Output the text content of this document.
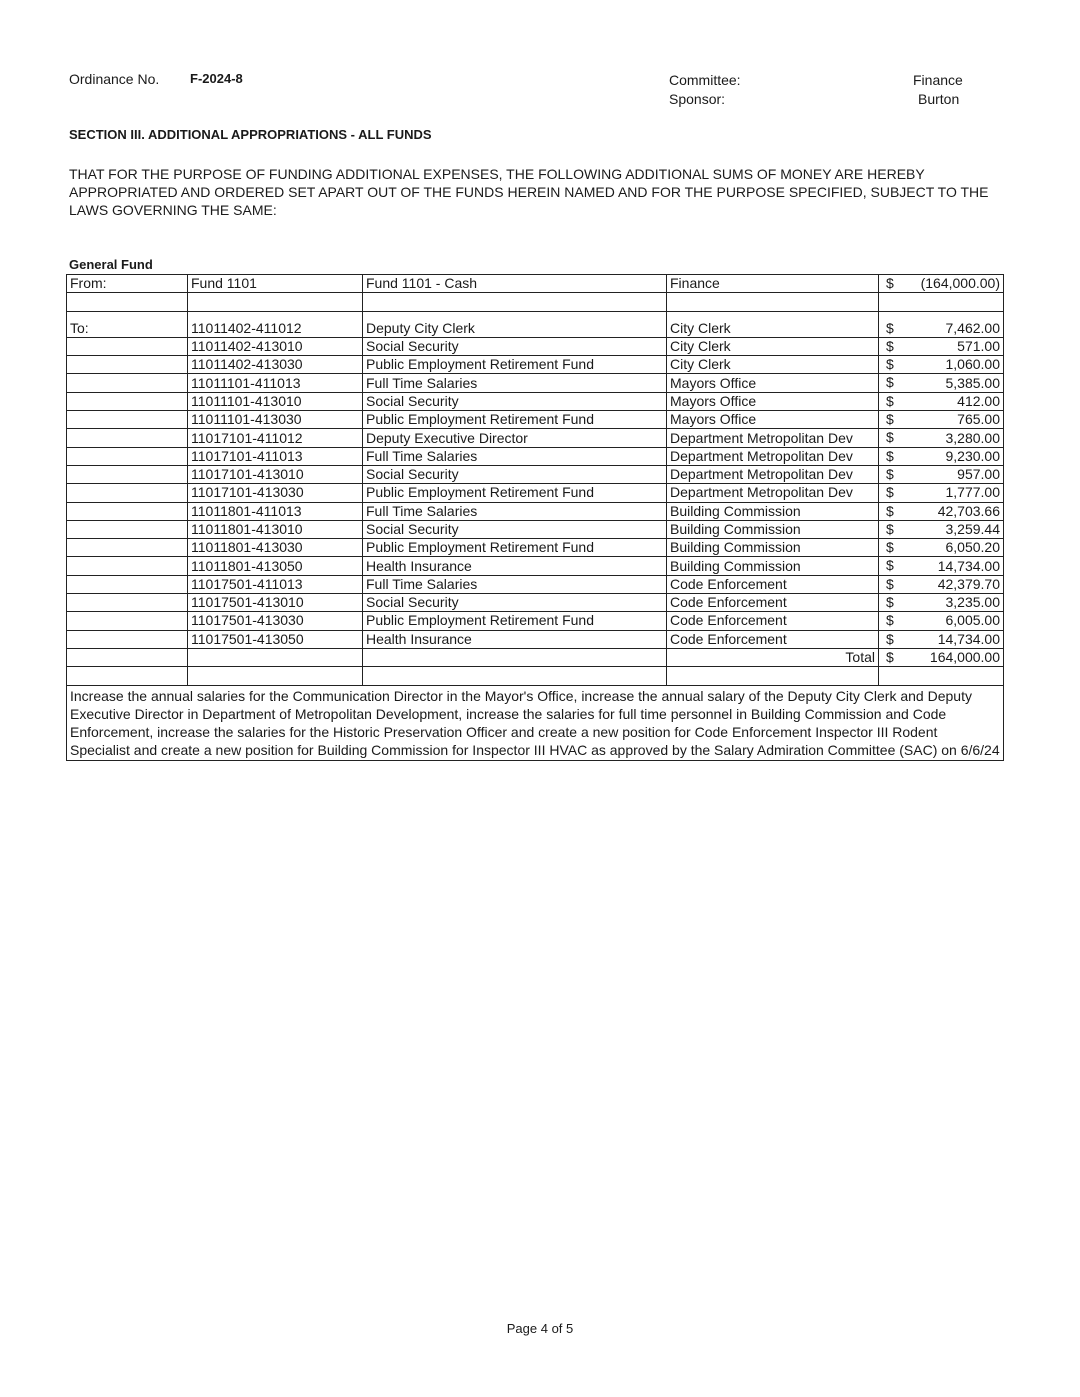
Ordinance No. F-2024-8	Committee:
Sponsor:
Finance
Burton
SECTION III. ADDITIONAL APPROPRIATIONS - ALL FUNDS
THAT FOR THE PURPOSE OF FUNDING ADDITIONAL EXPENSES, THE FOLLOWING ADDITIONAL SUMS OF MONEY ARE HEREBY APPROPRIATED AND ORDERED SET APART OUT OF THE FUNDS HEREIN NAMED AND FOR THE PURPOSE SPECIFIED, SUBJECT TO THE LAWS GOVERNING THE SAME:
General Fund
From:	Fund 1101	Fund 1101 - Cash	Finance	$ (164,000.00)

To:	11011402-411012	Deputy City Clerk	City Clerk	$ 7,462.00
	11011402-413010	Social Security	City Clerk	$ 571.00
	11011402-413030	Public Employment Retirement Fund	City Clerk	$ 1,060.00
	11011101-411013	Full Time Salaries	Mayors Office	$ 5,385.00
	11011101-413010	Social Security	Mayors Office	$ 412.00
	11011101-413030	Public Employment Retirement Fund	Mayors Office	$ 765.00
	11017101-411012	Deputy Executive Director	Department Metropolitan Dev	$ 3,280.00
	11017101-411013	Full Time Salaries	Department Metropolitan Dev	$ 9,230.00
	11017101-413010	Social Security	Department Metropolitan Dev	$ 957.00
	11017101-413030	Public Employment Retirement Fund	Department Metropolitan Dev	$ 1,777.00
	11011801-411013	Full Time Salaries	Building Commission	$ 42,703.66
	11011801-413010	Social Security	Building Commission	$ 3,259.44
	11011801-413030	Public Employment Retirement Fund	Building Commission	$ 6,050.20
	11011801-413050	Health Insurance	Building Commission	$ 14,734.00
	11017501-411013	Full Time Salaries	Code Enforcement	$ 42,379.70
	11017501-413010	Social Security	Code Enforcement	$ 3,235.00
	11017501-413030	Public Employment Retirement Fund	Code Enforcement	$ 6,005.00
	11017501-413050	Health Insurance	Code Enforcement	$ 14,734.00
			Total	$ 164,000.00

Increase the annual salaries for the Communication Director in the Mayor's Office, increase the annual salary of the Deputy City Clerk and Deputy Executive Director in Department of Metropolitan Development, increase the salaries for full time personnel in Building Commission and Code Enforcement, increase the salaries for the Historic Preservation Officer and create a new position for Code Enforcement Inspector III Rodent Specialist and create a new position for Building Commission for Inspector III HVAC as approved by the Salary Admiration Committee (SAC) on 6/6/24				
Page 4 of 5
